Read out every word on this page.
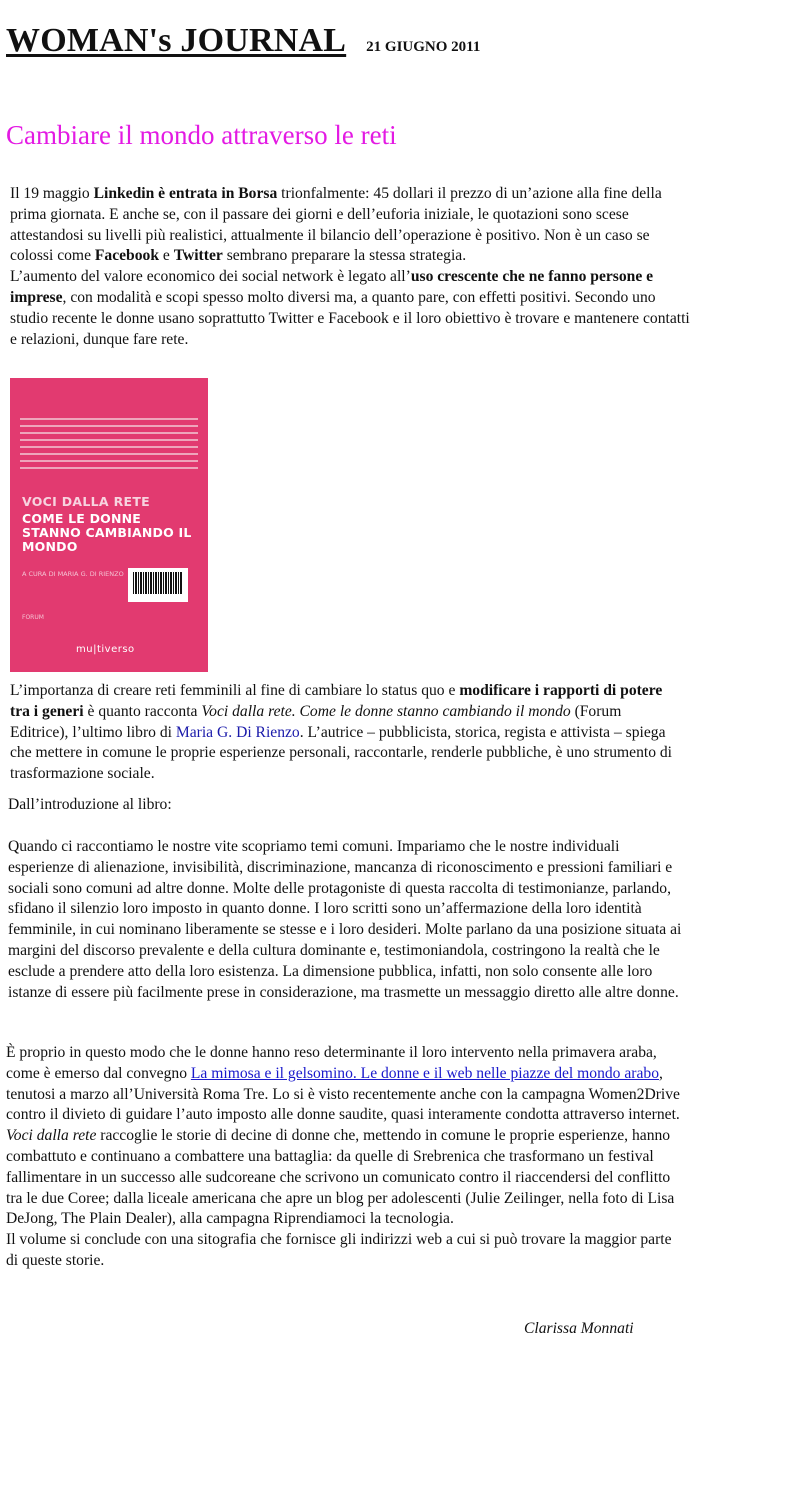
WOMAN's JOURNAL 21 GIUGNO 2011
Cambiare il mondo attraverso le reti

Il 19 maggio Linkedin è entrata in Borsa trionfalmente: 45 dollari il prezzo di un’azione alla fine della prima giornata. E anche se, con il passare dei giorni e dell’euforia iniziale, le quotazioni sono scese attestandosi su livelli più realistici, attualmente il bilancio dell’operazione è positivo. Non è un caso se colossi come Facebook e Twitter sembrano preparare la stessa strategia.
L’aumento del valore economico dei social network è legato all’uso crescente che ne fanno persone e imprese, con modalità e scopi spesso molto diversi ma, a quanto pare, con effetti positivi. Secondo uno studio recente le donne usano soprattutto Twitter e Facebook e il loro obiettivo è trovare e mantenere contatti e relazioni, dunque fare rete.

VOCI DALLA RETE
COME LE DONNE STANNO CAMBIANDO IL MONDO
A CURA DI MARIA G. DI RIENZO
FORUM
mu|tiverso

L’importanza di creare reti femminili al fine di cambiare lo status quo e modificare i rapporti di potere tra i generi è quanto racconta Voci dalla rete. Come le donne stanno cambiando il mondo (Forum Editrice), l’ultimo libro di Maria G. Di Rienzo. L’autrice – pubblicista, storica, regista e attivista – spiega che mettere in comune le proprie esperienze personali, raccontarle, renderle pubbliche, è uno strumento di trasformazione sociale.

Dall’introduzione al libro:

Quando ci raccontiamo le nostre vite scopriamo temi comuni. Impariamo che le nostre individuali esperienze di alienazione, invisibilità, discriminazione, mancanza di riconoscimento e pressioni familiari e sociali sono comuni ad altre donne. Molte delle protagoniste di questa raccolta di testimonianze, parlando, sfidano il silenzio loro imposto in quanto donne. I loro scritti sono un’affermazione della loro identità femminile, in cui nominano liberamente se stesse e i loro desideri. Molte parlano da una posizione situata ai margini del discorso prevalente e della cultura dominante e, testimoniandola, costringono la realtà che le esclude a prendere atto della loro esistenza. La dimensione pubblica, infatti, non solo consente alle loro istanze di essere più facilmente prese in considerazione, ma trasmette un messaggio diretto alle altre donne.

È proprio in questo modo che le donne hanno reso determinante il loro intervento nella primavera araba, come è emerso dal convegno La mimosa e il gelsomino. Le donne e il web nelle piazze del mondo arabo, tenutosi a marzo all’Università Roma Tre. Lo si è visto recentemente anche con la campagna Women2Drive contro il divieto di guidare l’auto imposto alle donne saudite, quasi interamente condotta attraverso internet. Voci dalla rete raccoglie le storie di decine di donne che, mettendo in comune le proprie esperienze, hanno combattuto e continuano a combattere una battaglia: da quelle di Srebrenica che trasformano un festival fallimentare in un successo alle sudcoreane che scrivono un comunicato contro il riaccendersi del conflitto tra le due Coree; dalla liceale americana che apre un blog per adolescenti (Julie Zeilinger, nella foto di Lisa DeJong, The Plain Dealer), alla campagna Riprendiamoci la tecnologia.
Il volume si conclude con una sitografia che fornisce gli indirizzi web a cui si può trovare la maggior parte di queste storie.

Clarissa Monnati
